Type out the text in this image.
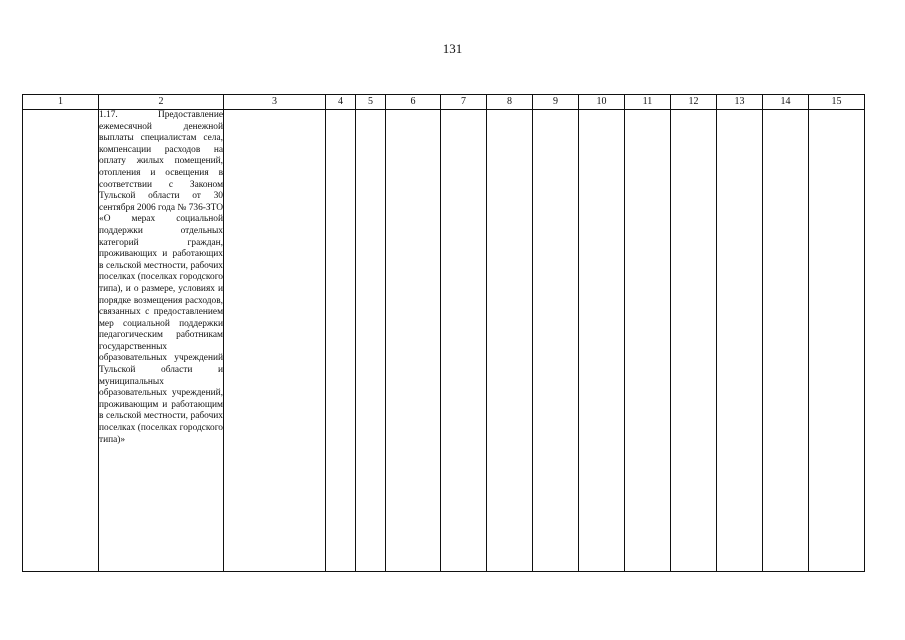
131
1	2	3	4	5	6	7	8	9	10	11	12	13	14	15
	1.17. Предоставление ежемесячной денежной выплаты специалистам села, компенсации расходов на оплату жилых помещений, отопления и освещения в соответствии с Законом Тульской области от 30 сентября 2006 года № 736-ЗТО «О мерах социальной поддержки отдельных категорий граждан, проживающих и работающих в сельской местности, рабочих поселках (поселках городского типа), и о размере, условиях и порядке возмещения расходов, связанных с предоставлением мер социальной поддержки педагогическим работникам государственных образовательных учреждений Тульской области и муниципальных образовательных учреждений, проживающим и работающим в сельской местности, рабочих поселках (поселках городского типа)»													
